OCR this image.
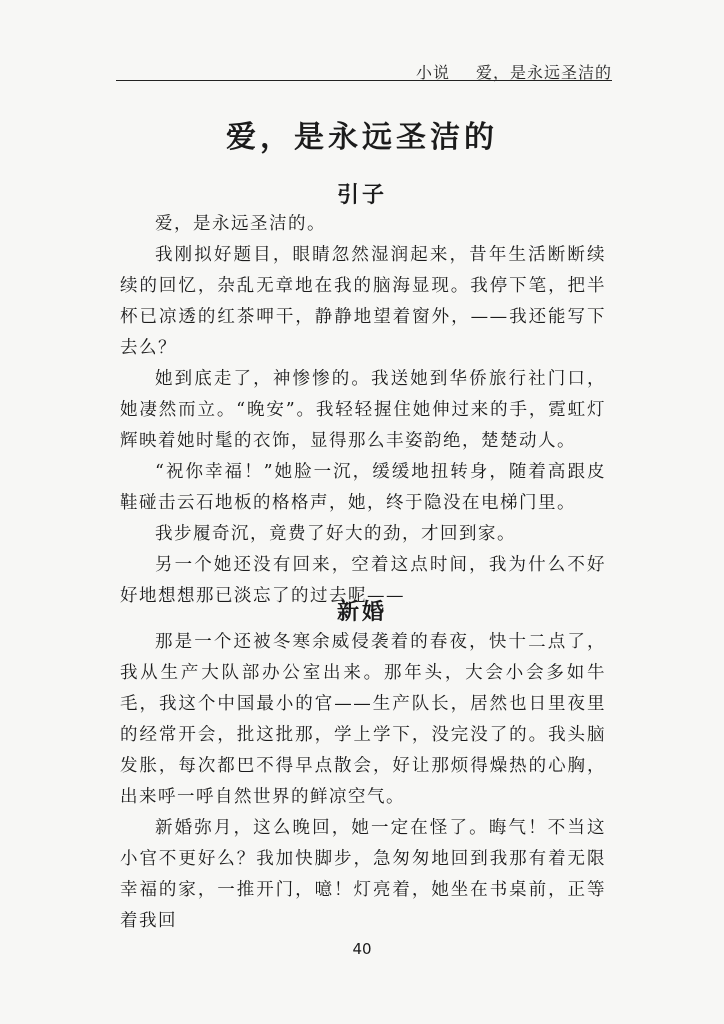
小说 爱，是永远圣洁的
爱，是永远圣洁的
引子

爱，是永远圣洁的。

我刚拟好题目，眼睛忽然湿润起来，昔年生活断断续续的回忆，杂乱无章地在我的脑海显现。我停下笔，把半杯已凉透的红茶呷干，静静地望着窗外，——我还能写下去么？

她到底走了，神惨惨的。我送她到华侨旅行社门口，她凄然而立。“晚安”。我轻轻握住她伸过来的手，霓虹灯辉映着她时髦的衣饰，显得那么丰姿韵绝，楚楚动人。

“祝你幸福！”她脸一沉，缓缓地扭转身，随着高跟皮鞋碰击云石地板的格格声，她，终于隐没在电梯门里。

我步履奇沉，竟费了好大的劲，才回到家。

另一个她还没有回来，空着这点时间，我为什么不好好地想想那已淡忘了的过去呢——

新婚

那是一个还被冬寒余威侵袭着的春夜，快十二点了，我从生产大队部办公室出来。那年头，大会小会多如牛毛，我这个中国最小的官——生产队长，居然也日里夜里的经常开会，批这批那，学上学下，没完没了的。我头脑发胀，每次都巴不得早点散会，好让那烦得燥热的心胸，出来呼一呼自然世界的鲜凉空气。

新婚弥月，这么晚回，她一定在怪了。晦气！不当这小官不更好么？我加快脚步，急匆匆地回到我那有着无限幸福的家，一推开门，噫！灯亮着，她坐在书桌前，正等着我回

40
